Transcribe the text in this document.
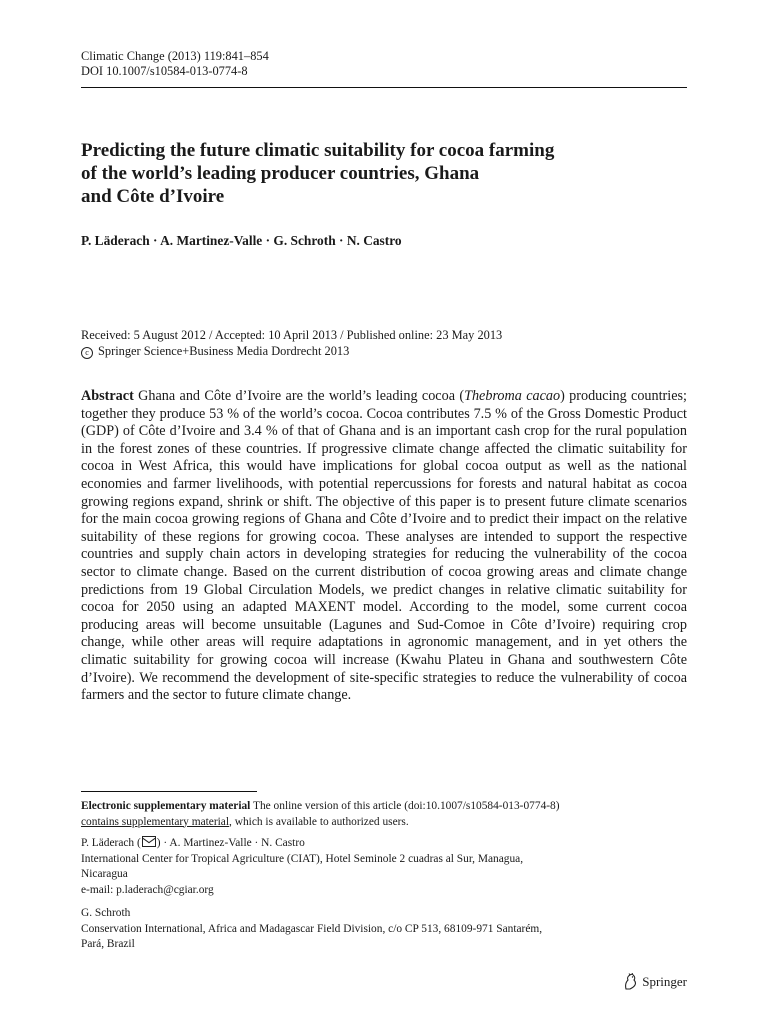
Climatic Change (2013) 119:841–854
DOI 10.1007/s10584-013-0774-8
Predicting the future climatic suitability for cocoa farming
of the world’s leading producer countries, Ghana
and Côte d’Ivoire
P. Läderach · A. Martinez-Valle · G. Schroth · N. Castro
Received: 5 August 2012 / Accepted: 10 April 2013 / Published online: 23 May 2013
c Springer Science+Business Media Dordrecht 2013

Abstract Ghana and Côte d’Ivoire are the world’s leading cocoa (Thebroma cacao) producing countries; together they produce 53 % of the world’s cocoa. Cocoa contributes 7.5 % of the Gross Domestic Product (GDP) of Côte d’Ivoire and 3.4 % of that of Ghana and is an important cash crop for the rural population in the forest zones of these countries. If progressive climate change affected the climatic suitability for cocoa in West Africa, this would have implications for global cocoa output as well as the national economies and farmer livelihoods, with potential repercussions for forests and natural habitat as cocoa growing regions expand, shrink or shift. The objective of this paper is to present future climate scenarios for the main cocoa growing regions of Ghana and Côte d’Ivoire and to predict their impact on the relative suitability of these regions for growing cocoa. These analyses are intended to support the respective countries and supply chain actors in developing strategies for reducing the vulnerability of the cocoa sector to climate change. Based on the current distribution of cocoa growing areas and climate change predictions from 19 Global Circulation Models, we predict changes in relative climatic suitability for cocoa for 2050 using an adapted MAXENT model. According to the model, some current cocoa producing areas will become unsuitable (Lagunes and Sud-Comoe in Côte d’Ivoire) requiring crop change, while other areas will require adaptations in agronomic management, and in yet others the climatic suitability for growing cocoa will increase (Kwahu Plateu in Ghana and southwestern Côte d’Ivoire). We recommend the development of site-specific strategies to reduce the vulnerability of cocoa farmers and the sector to future climate change.

Electronic supplementary material The online version of this article (doi:10.1007/s10584-013-0774-8)
contains supplementary material, which is available to authorized users.
P. Läderach ( ) · A. Martinez-Valle · N. Castro
International Center for Tropical Agriculture (CIAT), Hotel Seminole 2 cuadras al Sur, Managua,
Nicaragua
e-mail: p.laderach@cgiar.org
G. Schroth
Conservation International, Africa and Madagascar Field Division, c/o CP 513, 68109-971 Santarém,
Pará, Brazil
Springer
